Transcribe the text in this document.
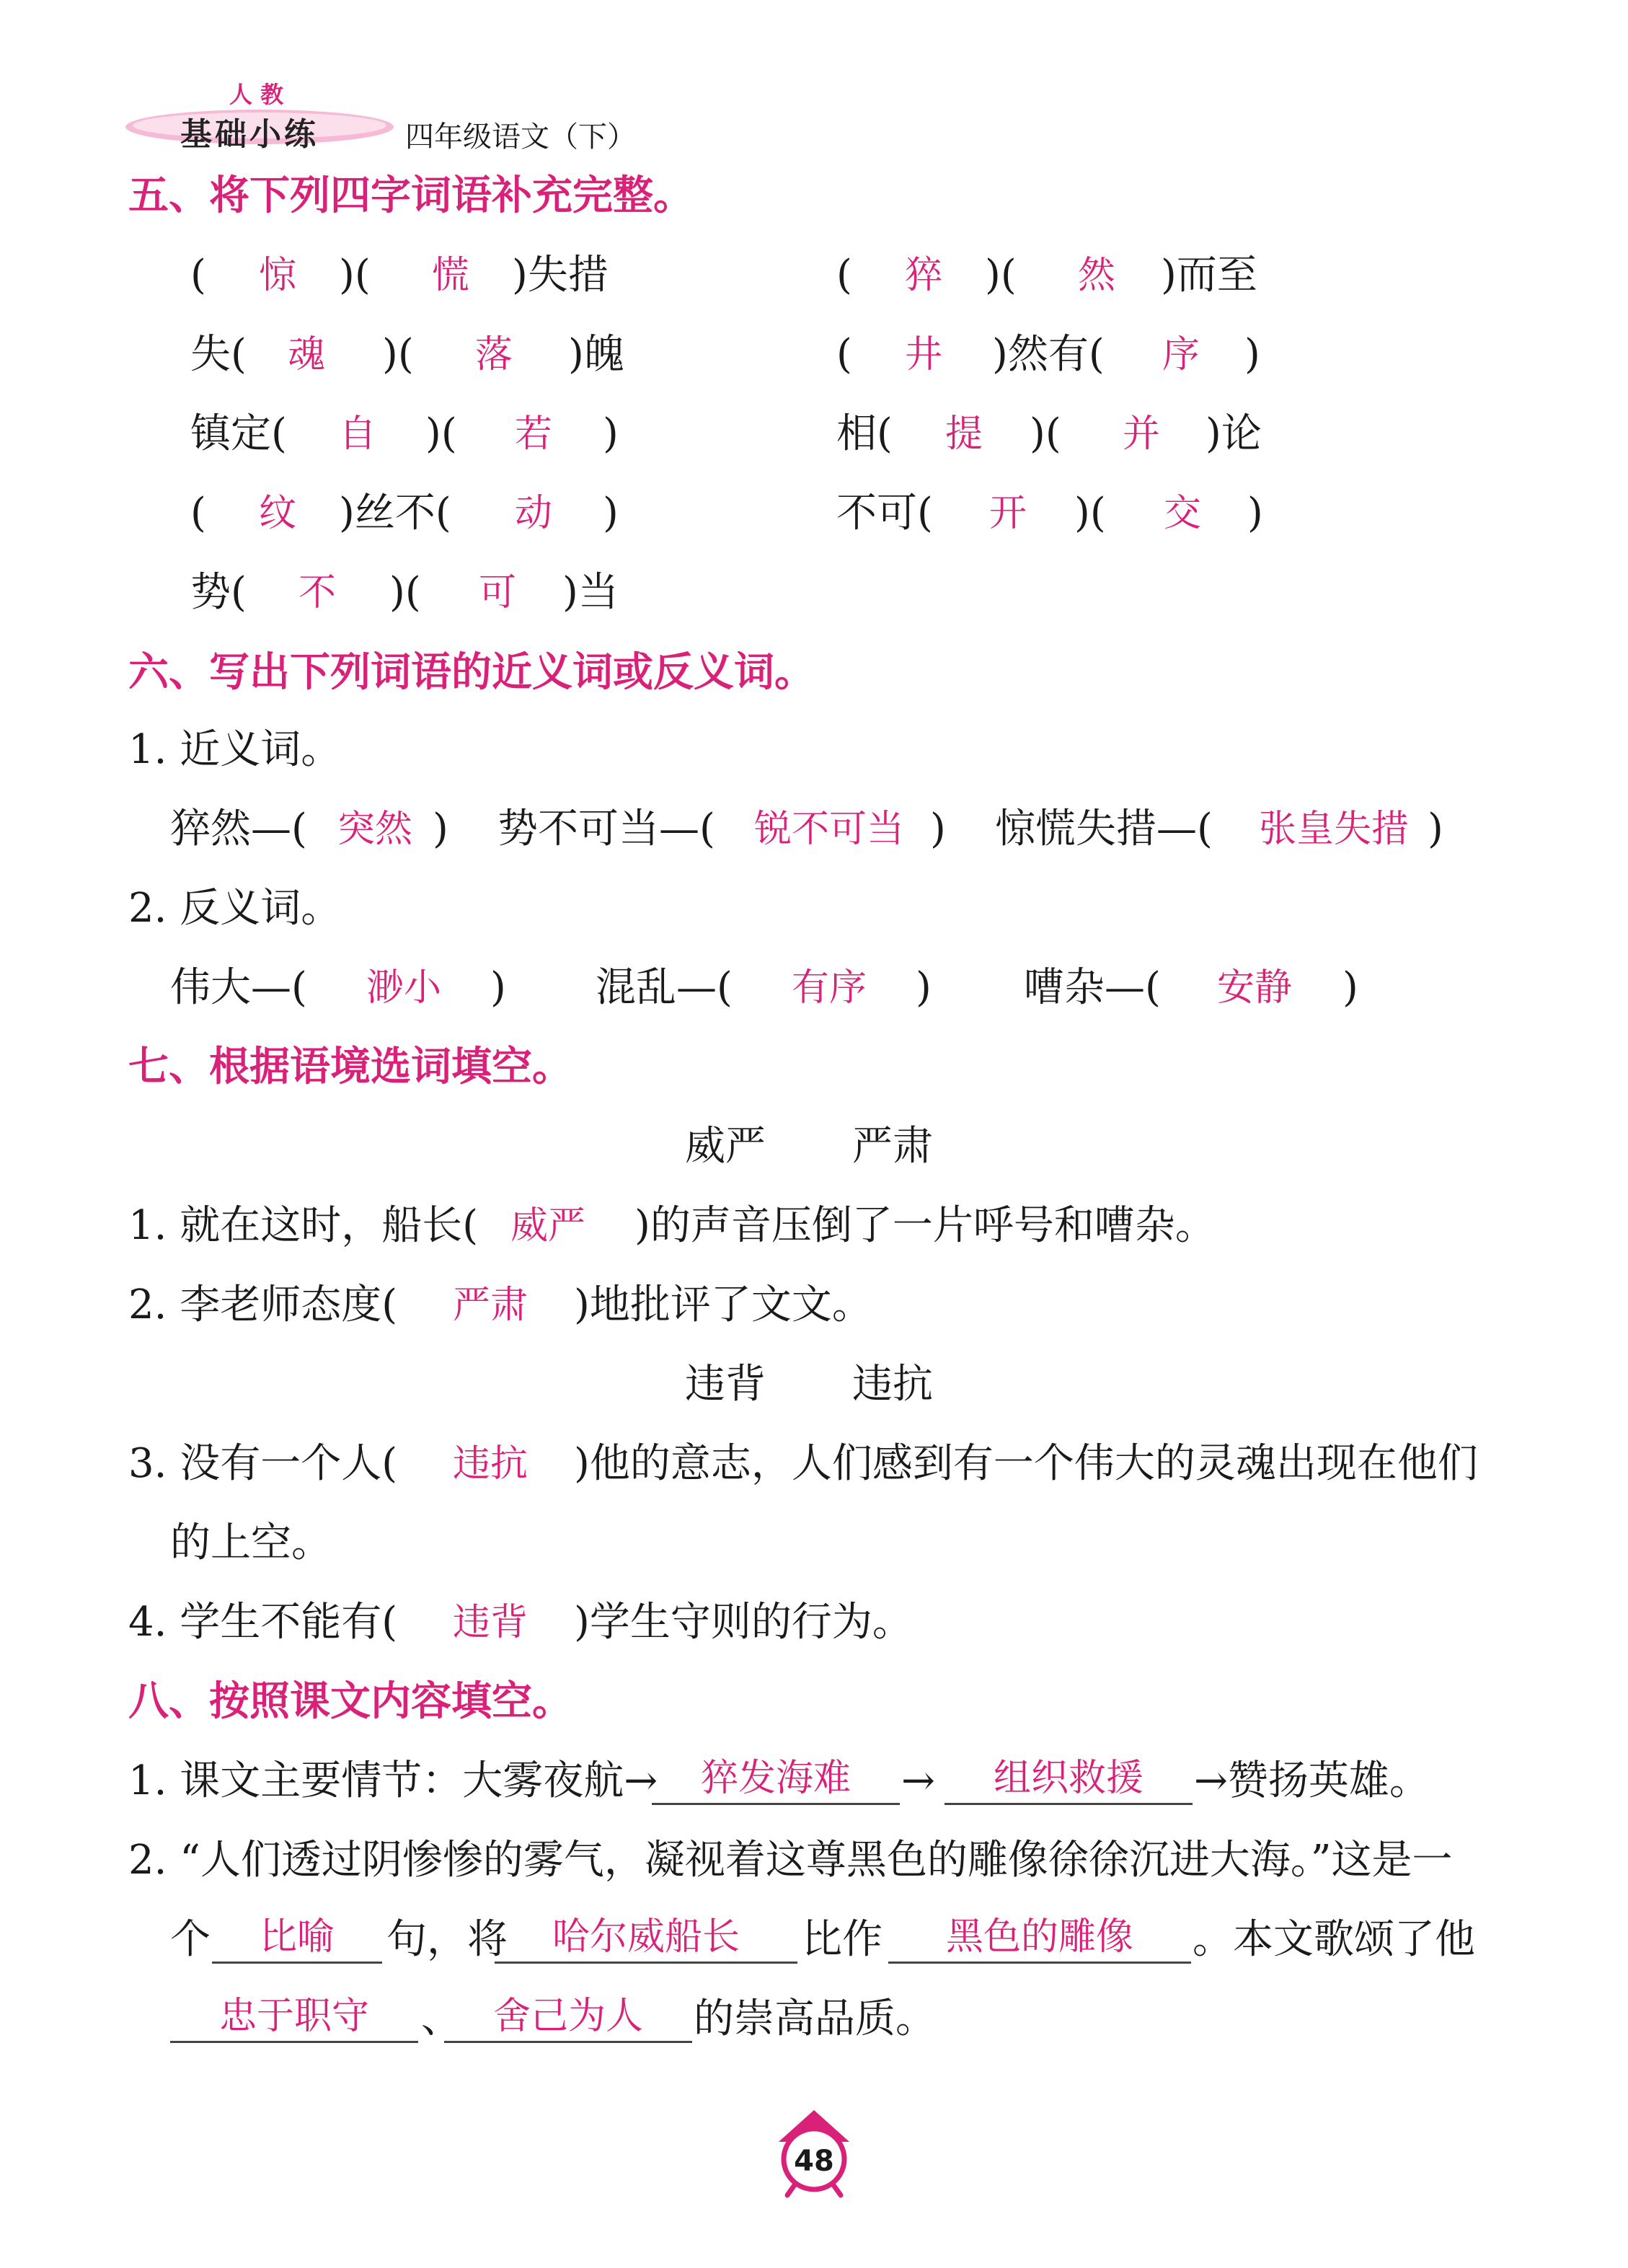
人 教
基础小练	四年级语文（下）
五、将下列四字词语补充完整。
(	惊	)(	慌	)失措	(	猝	)(	然	)而至
失(	魂	)(	落	)魄	(	井	)然有(	序	)
镇定(	自	)(	若	)	相(	提	)(	并	)论
(	纹	)丝不(	动	)	不可(	开	)(	交	)
势(	不	)(	可	)当
六、写出下列词语的近义词或反义词。
1. 近义词。
猝然—( 突然 ) 势不可当—(	锐不可当 ) 惊慌失措—(	张皇失措 )
2. 反义词。
伟大—(	渺小	) 混乱—(	有序	) 嘈杂—(	安静	)
七、根据语境选词填空。
威严 严肃
1. 就在这时，船长( 威严	)的声音压倒了一片呼号和嘈杂。
2. 李老师态度(	严肃	)地批评了文文。
违背 违抗
3. 没有一个人(	违抗	)他的意志，人们感到有一个伟大的灵魂出现在他们
的上空。
4. 学生不能有(	违背	)学生守则的行为。
八、按照课文内容填空。
1. 课文主要情节：大雾夜航→	猝发海难	→	组织救援	→赞扬英雄。
2. “人们透过阴惨惨的雾气，凝视着这尊黑色的雕像徐徐沉进大海。”这是一
个	比喻	句，将	哈尔威船长	比作	黑色的雕像	。本文歌颂了他
忠于职守	、 舍己为人	的崇高品质。
48
